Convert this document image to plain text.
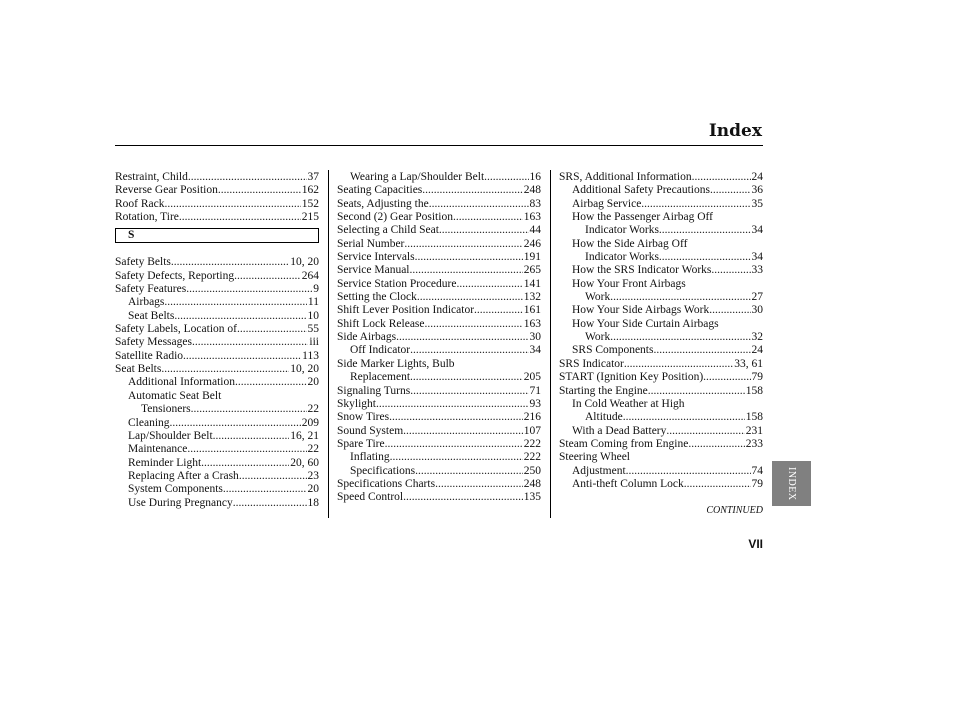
Index
Restraint, Child .....	37
Reverse Gear Position .....	162
Roof Rack .....	152
Rotation, Tire .....	215
S
Safety Belts .....	10, 20
Safety Defects, Reporting .....	264
Safety Features .....	9
Airbags .....	11
Seat Belts .....	10
Safety Labels, Location of .....	55
Safety Messages .....	iii
Satellite Radio .....	113
Seat Belts .....	10, 20
Additional Information .....	20
Automatic Seat Belt
Tensioners .....	22
Cleaning .....	209
Lap/Shoulder Belt .....	16, 21
Maintenance .....	22
Reminder Light .....	20, 60
Replacing After a Crash .....	23
System Components .....	20
Use During Pregnancy .....	18
Wearing a Lap/Shoulder Belt .....	16
Seating Capacities .....	248
Seats, Adjusting the .....	83
Second (2) Gear Position .....	163
Selecting a Child Seat .....	44
Serial Number .....	246
Service Intervals .....	191
Service Manual .....	265
Service Station Procedure .....	141
Setting the Clock .....	132
Shift Lever Position Indicator .....	161
Shift Lock Release .....	163
Side Airbags .....	30
Off Indicator .....	34
Side Marker Lights, Bulb
Replacement .....	205
Signaling Turns .....	71
Skylight .....	93
Snow Tires .....	216
Sound System .....	107
Spare Tire .....	222
Inflating .....	222
Specifications .....	250
Specifications Charts .....	248
Speed Control .....	135
SRS, Additional Information .....	24
Additional Safety Precautions .....	36
Airbag Service .....	35
How the Passenger Airbag Off
Indicator Works .....	34
How the Side Airbag Off
Indicator Works .....	34
How the SRS Indicator Works .....	33
How Your Front Airbags
Work .....	27
How Your Side Airbags Work .....	30
How Your Side Curtain Airbags
Work .....	32
SRS Components .....	24
SRS Indicator .....	33, 61
START (Ignition Key Position) .....	79
Starting the Engine .....	158
In Cold Weather at High
Altitude .....	158
With a Dead Battery .....	231
Steam Coming from Engine .....	233
Steering Wheel
Adjustment .....	74
Anti-theft Column Lock .....	79
CONTINUED
VII
INDEX
